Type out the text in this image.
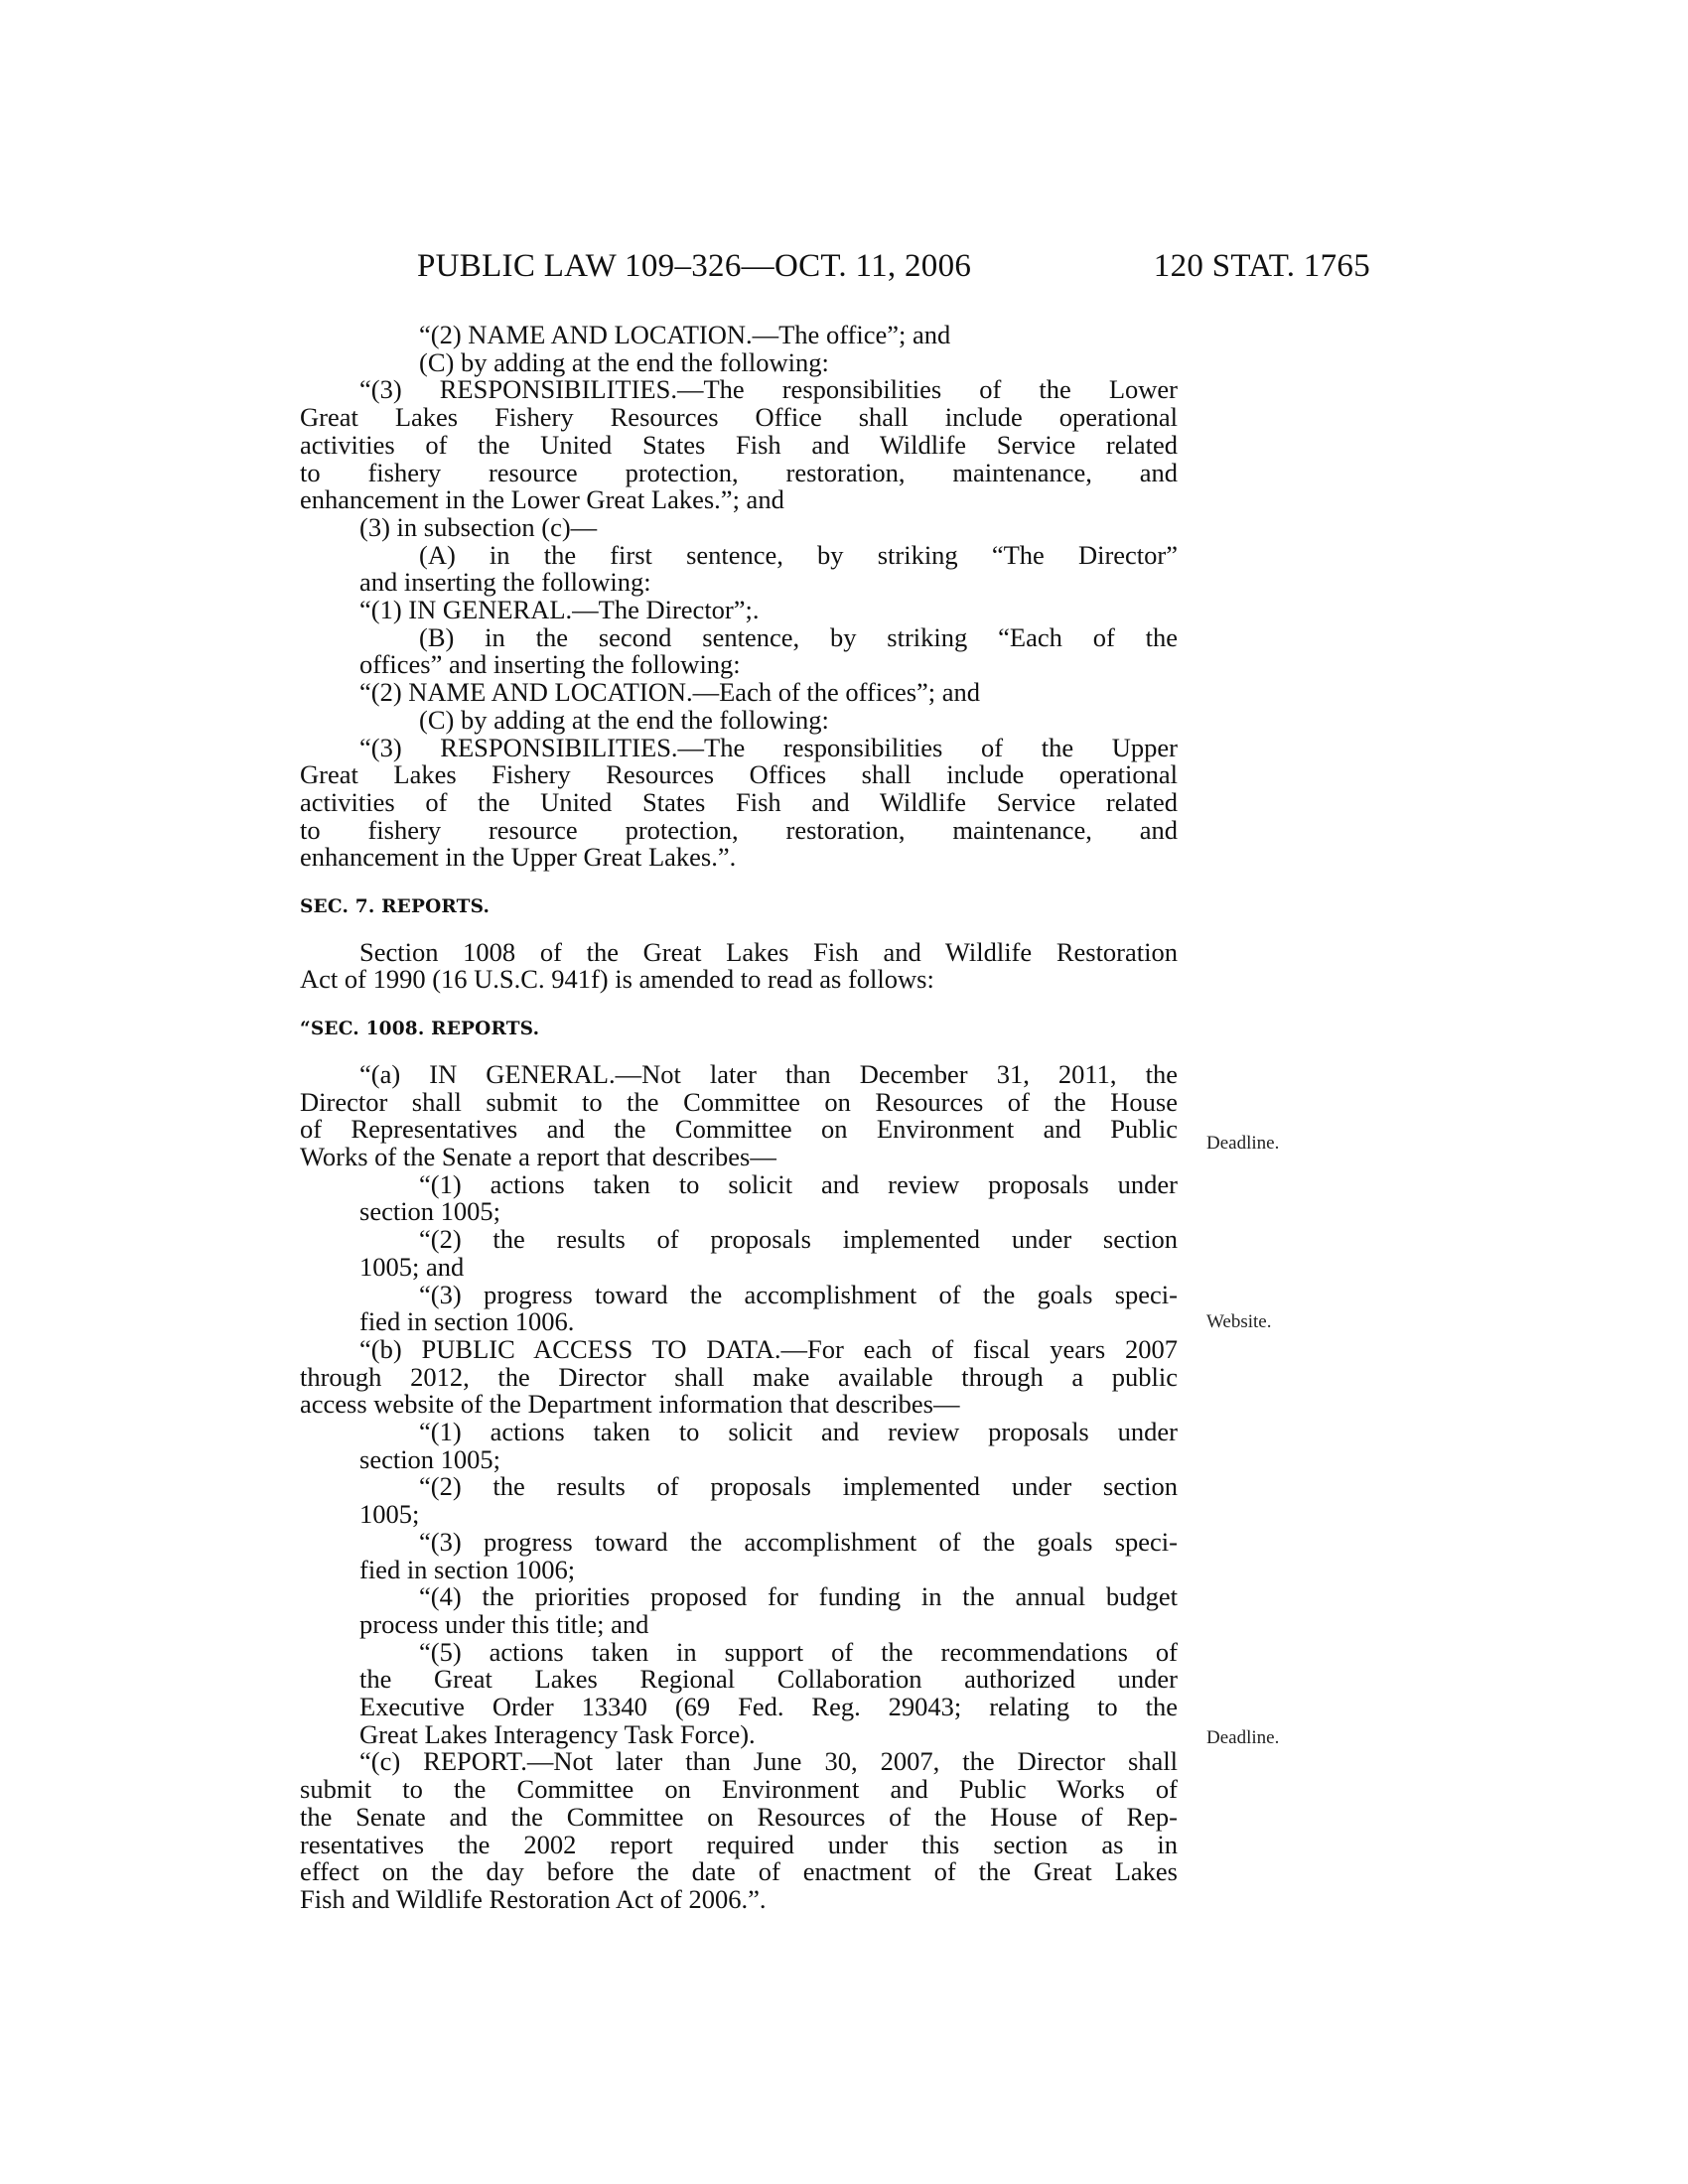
PUBLIC LAW 109–326—OCT. 11, 2006	120 STAT. 1765

“(2) NAME AND LOCATION.—The office”; and

(C) by adding at the end the following:

“(3) RESPONSIBILITIES.—The responsibilities of the Lower

Great Lakes Fishery Resources Office shall include operational

activities of the United States Fish and Wildlife Service related

to fishery resource protection, restoration, maintenance, and

enhancement in the Lower Great Lakes.”; and

(3) in subsection (c)—

(A) in the first sentence, by striking “The Director”

and inserting the following:

“(1) IN GENERAL.—The Director”;.

(B) in the second sentence, by striking “Each of the

offices” and inserting the following:

“(2) NAME AND LOCATION.—Each of the offices”; and

(C) by adding at the end the following:

“(3) RESPONSIBILITIES.—The responsibilities of the Upper

Great Lakes Fishery Resources Offices shall include operational

activities of the United States Fish and Wildlife Service related

to fishery resource protection, restoration, maintenance, and

enhancement in the Upper Great Lakes.”.

SEC. 7. REPORTS.

Section 1008 of the Great Lakes Fish and Wildlife Restoration

Act of 1990 (16 U.S.C. 941f) is amended to read as follows:

“SEC. 1008. REPORTS.

“(a) IN GENERAL.—Not later than December 31, 2011, the

Director shall submit to the Committee on Resources of the House

of Representatives and the Committee on Environment and Public

Works of the Senate a report that describes—

“(1) actions taken to solicit and review proposals under

section 1005;

“(2) the results of proposals implemented under section

1005; and

“(3) progress toward the accomplishment of the goals speci-

fied in section 1006.

“(b) PUBLIC ACCESS TO DATA.—For each of fiscal years 2007

through 2012, the Director shall make available through a public

access website of the Department information that describes—

“(1) actions taken to solicit and review proposals under

section 1005;

“(2) the results of proposals implemented under section

1005;

“(3) progress toward the accomplishment of the goals speci-

fied in section 1006;

“(4) the priorities proposed for funding in the annual budget

process under this title; and

“(5) actions taken in support of the recommendations of

the Great Lakes Regional Collaboration authorized under

Executive Order 13340 (69 Fed. Reg. 29043; relating to the

Great Lakes Interagency Task Force).

“(c) REPORT.—Not later than June 30, 2007, the Director shall

submit to the Committee on Environment and Public Works of

the Senate and the Committee on Resources of the House of Rep-

resentatives the 2002 report required under this section as in

effect on the day before the date of enactment of the Great Lakes

Fish and Wildlife Restoration Act of 2006.”.

Deadline.
Website.
Deadline.
